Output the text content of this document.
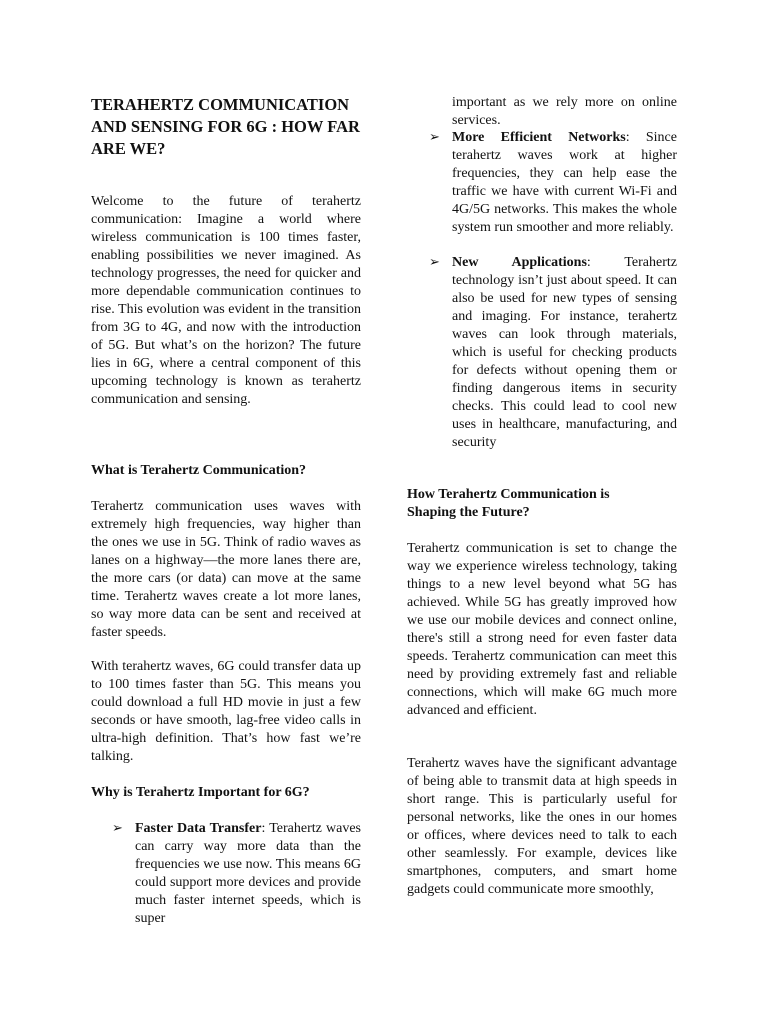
TERAHERTZ COMMUNICATION AND SENSING FOR 6G : HOW FAR ARE WE?

Welcome to the future of terahertz communication: Imagine a world where wireless communication is 100 times faster, enabling possibilities we never imagined. As technology progresses, the need for quicker and more dependable communication continues to rise. This evolution was evident in the transition from 3G to 4G, and now with the introduction of 5G. But what’s on the horizon? The future lies in 6G, where a central component of this upcoming technology is known as terahertz communication and sensing.

What is Terahertz Communication?

Terahertz communication uses waves with extremely high frequencies, way higher than the ones we use in 5G. Think of radio waves as lanes on a highway—the more lanes there are, the more cars (or data) can move at the same time. Terahertz waves create a lot more lanes, so way more data can be sent and received at faster speeds.

With terahertz waves, 6G could transfer data up to 100 times faster than 5G. This means you could download a full HD movie in just a few seconds or have smooth, lag-free video calls in ultra-high definition. That’s how fast we’re talking.

Why is Terahertz Important for 6G?

➢ Faster Data Transfer: Terahertz waves can carry way more data than the frequencies we use now. This means 6G could support more devices and provide much faster internet speeds, which is super
important as we rely more on online services.
➢ More Efficient Networks: Since terahertz waves work at higher frequencies, they can help ease the traffic we have with current Wi-Fi and 4G/5G networks. This makes the whole system run smoother and more reliably.
➢ New Applications: Terahertz technology isn’t just about speed. It can also be used for new types of sensing and imaging. For instance, terahertz waves can look through materials, which is useful for checking products for defects without opening them or finding dangerous items in security checks. This could lead to cool new uses in healthcare, manufacturing, and security

How Terahertz Communication is Shaping the Future?

Terahertz communication is set to change the way we experience wireless technology, taking things to a new level beyond what 5G has achieved. While 5G has greatly improved how we use our mobile devices and connect online, there's still a strong need for even faster data speeds. Terahertz communication can meet this need by providing extremely fast and reliable connections, which will make 6G much more advanced and efficient.

Terahertz waves have the significant advantage of being able to transmit data at high speeds in short range. This is particularly useful for personal networks, like the ones in our homes or offices, where devices need to talk to each other seamlessly. For example, devices like smartphones, computers, and smart home gadgets could communicate more smoothly,
